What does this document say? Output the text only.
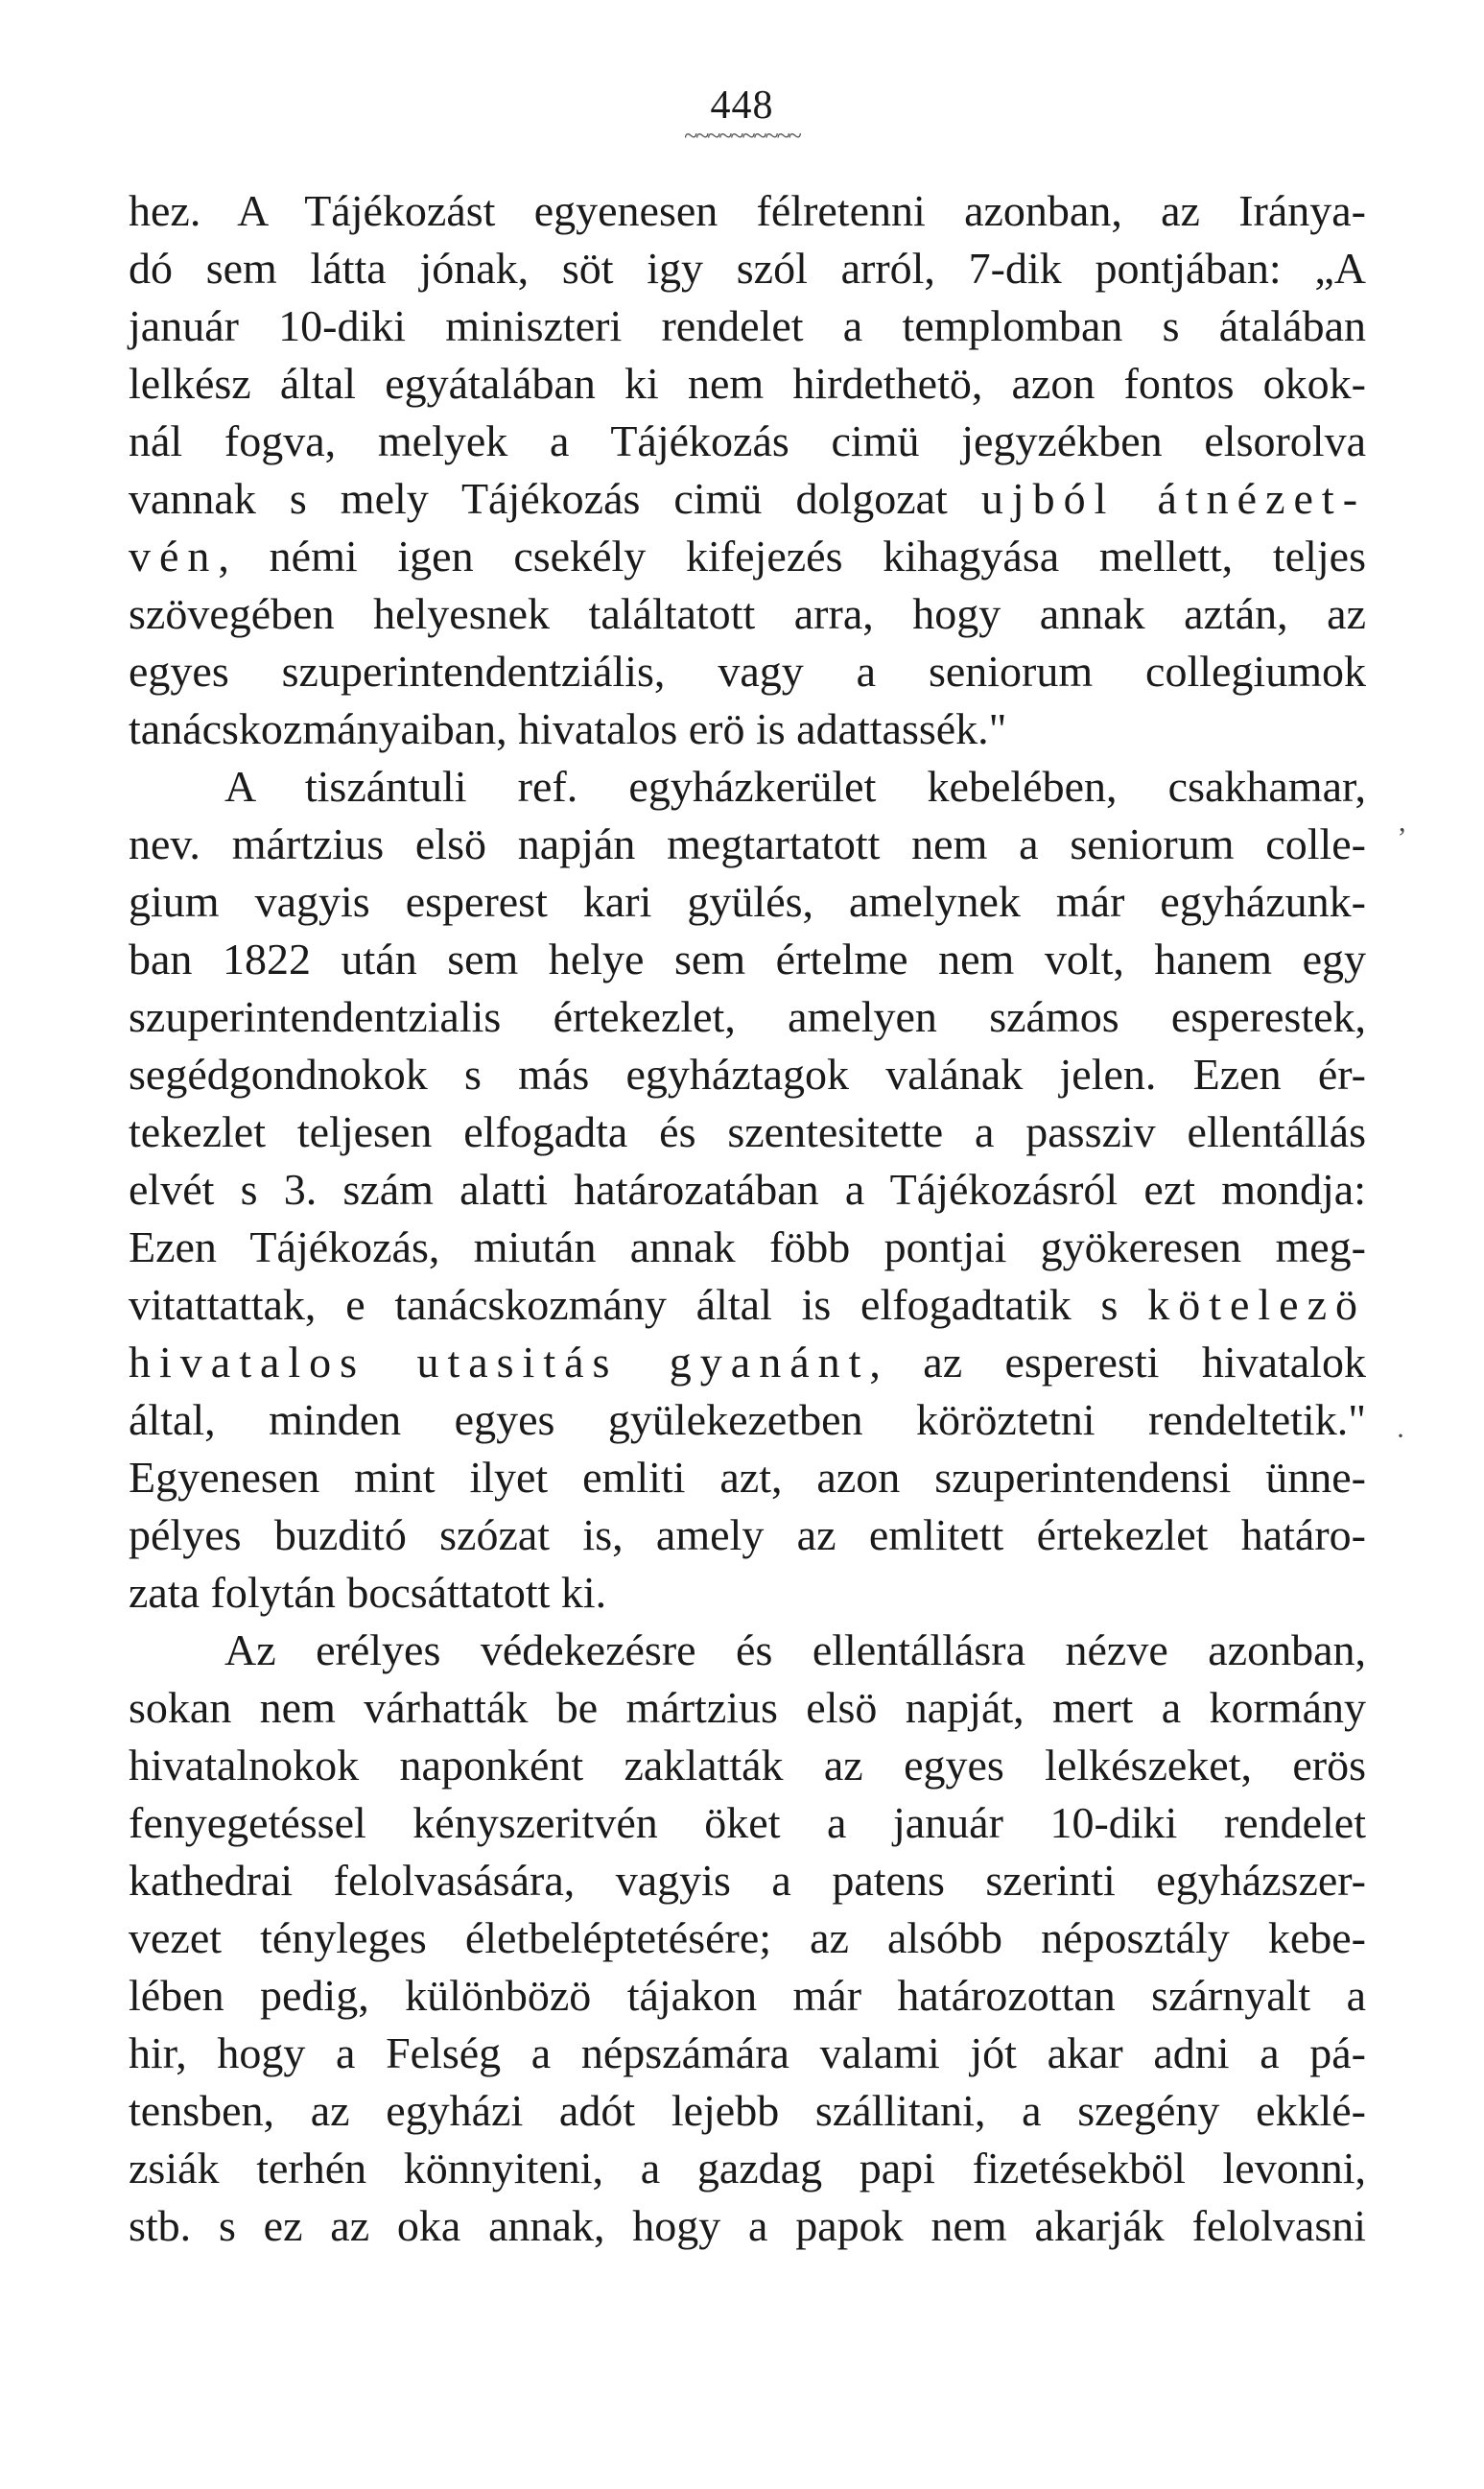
448
~~~~~~~~~~
hez. A Tájékozást egyenesen félretenni azonban, az Iránya-
dó sem látta jónak, söt igy szól arról, 7-dik pontjában: „A
január 10-diki miniszteri rendelet a templomban s átalában
lelkész által egyátalában ki nem hirdethetö, azon fontos okok-
nál fogva, melyek a Tájékozás cimü jegyzékben elsorolva
vannak s mely Tájékozás cimü dolgozat ujból átnézet-
vén, némi igen csekély kifejezés kihagyása mellett, teljes
szövegében helyesnek találtatott arra, hogy annak aztán, az
egyes szuperintendentziális, vagy a seniorum collegiumok
tanácskozmányaiban, hivatalos erö is adattassék."
A tiszántuli ref. egyházkerület kebelében, csakhamar,
nev. mártzius elsö napján megtartatott nem a seniorum colle-
gium vagyis esperest kari gyülés, amelynek már egyházunk-
ban 1822 után sem helye sem értelme nem volt, hanem egy
szuperintendentzialis értekezlet, amelyen számos esperestek,
segédgondnokok s más egyháztagok valának jelen. Ezen ér-
tekezlet teljesen elfogadta és szentesitette a passziv ellentállás
elvét s 3. szám alatti határozatában a Tájékozásról ezt mondja:
Ezen Tájékozás, miután annak föbb pontjai gyökeresen meg-
vitattattak, e tanácskozmány által is elfogadtatik s kötelezö
hivatalos utasitás gyanánt, az esperesti hivatalok
által, minden egyes gyülekezetben köröztetni rendeltetik."
Egyenesen mint ilyet emliti azt, azon szuperintendensi ünne-
pélyes buzditó szózat is, amely az emlitett értekezlet határo-
zata folytán bocsáttatott ki.
Az erélyes védekezésre és ellentállásra nézve azonban,
sokan nem várhatták be mártzius elsö napját, mert a kormány
hivatalnokok naponként zaklatták az egyes lelkészeket, erös
fenyegetéssel kényszeritvén öket a január 10-diki rendelet
kathedrai felolvasására, vagyis a patens szerinti egyházszer-
vezet tényleges életbeléptetésére; az alsóbb néposztály kebe-
lében pedig, különbözö tájakon már határozottan szárnyalt a
hir, hogy a Felség a népszámára valami jót akar adni a pá-
tensben, az egyházi adót lejebb szállitani, a szegény ekklé-
zsiák terhén könnyiteni, a gazdag papi fizetésekböl levonni,
stb. s ez az oka annak, hogy a papok nem akarják felolvasni
,
·
